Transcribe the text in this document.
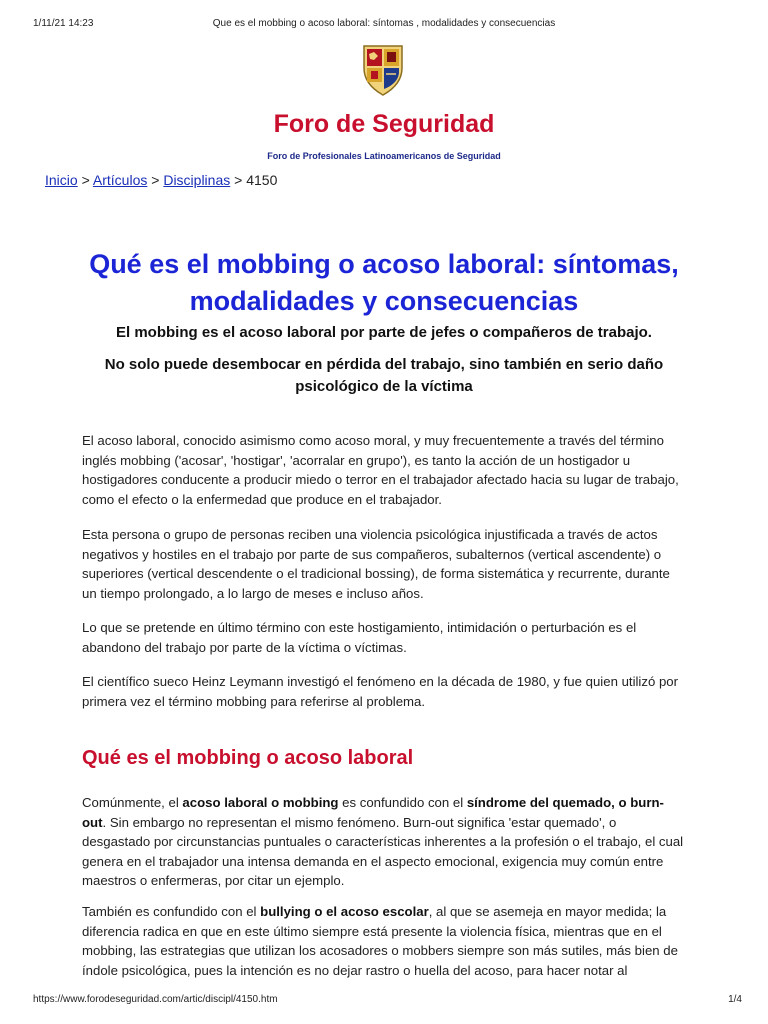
1/11/21 14:23	Que es el mobbing o acoso laboral: síntomas , modalidades y consecuencias
Foro de Seguridad
Foro de Profesionales Latinoamericanos de Seguridad
Inicio > Artículos > Disciplinas > 4150
Qué es el mobbing o acoso laboral: síntomas,
modalidades y consecuencias
El mobbing es el acoso laboral por parte de jefes o compañeros de trabajo.
No solo puede desembocar en pérdida del trabajo, sino también en serio daño psicológico de la víctima

El acoso laboral, conocido asimismo como acoso moral, y muy frecuentemente a través del término inglés mobbing ('acosar', 'hostigar', 'acorralar en grupo'), es tanto la acción de un hostigador u hostigadores conducente a producir miedo o terror en el trabajador afectado hacia su lugar de trabajo, como el efecto o la enfermedad que produce en el trabajador.

Esta persona o grupo de personas reciben una violencia psicológica injustificada a través de actos negativos y hostiles en el trabajo por parte de sus compañeros, subalternos (vertical ascendente) o superiores (vertical descendente o el tradicional bossing), de forma sistemática y recurrente, durante un tiempo prolongado, a lo largo de meses e incluso años.

Lo que se pretende en último término con este hostigamiento, intimidación o perturbación es el abandono del trabajo por parte de la víctima o víctimas.

El científico sueco Heinz Leymann investigó el fenómeno en la década de 1980, y fue quien utilizó por primera vez el término mobbing para referirse al problema.

Qué es el mobbing o acoso laboral

Comúnmente, el acoso laboral o mobbing es confundido con el síndrome del quemado, o burn-out. Sin embargo no representan el mismo fenómeno. Burn-out significa 'estar quemado', o desgastado por circunstancias puntuales o características inherentes a la profesión o el trabajo, el cual genera en el trabajador una intensa demanda en el aspecto emocional, exigencia muy común entre maestros o enfermeras, por citar un ejemplo.

También es confundido con el bullying o el acoso escolar, al que se asemeja en mayor medida; la diferencia radica en que en este último siempre está presente la violencia física, mientras que en el mobbing, las estrategias que utilizan los acosadores o mobbers siempre son más sutiles, más bien de índole psicológica, pues la intención es no dejar rastro o huella del acoso, para hacer notar al

https://www.forodeseguridad.com/artic/discipl/4150.htm	1/4
